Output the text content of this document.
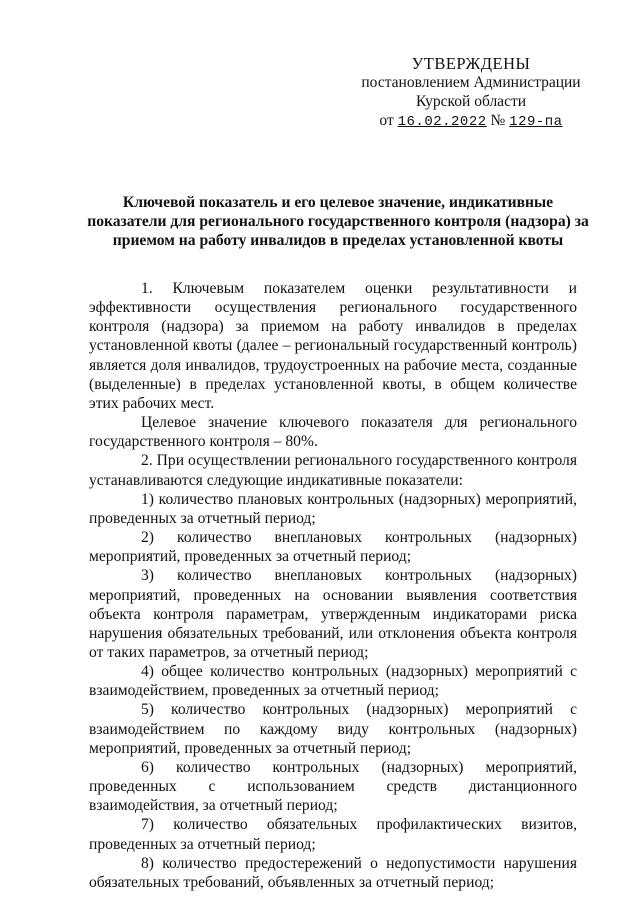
УТВЕРЖДЕНЫ
постановлением Администрации
Курской области
от 16.02.2022 № 129-па
Ключевой показатель и его целевое значение, индикативные показатели для регионального государственного контроля (надзора) за приемом на работу инвалидов в пределах установленной квоты

1. Ключевым показателем оценки результативности и эффективности осуществления регионального государственного контроля (надзора) за приемом на работу инвалидов в пределах установленной квоты (далее – региональный государственный контроль) является доля инвалидов, трудоустроенных на рабочие места, созданные (выделенные) в пределах установленной квоты, в общем количестве этих рабочих мест.

Целевое значение ключевого показателя для регионального государственного контроля – 80%.

2. При осуществлении регионального государственного контроля устанавливаются следующие индикативные показатели:

1) количество плановых контрольных (надзорных) мероприятий, проведенных за отчетный период;

2) количество внеплановых контрольных (надзорных) мероприятий, проведенных за отчетный период;

3) количество внеплановых контрольных (надзорных) мероприятий, проведенных на основании выявления соответствия объекта контроля параметрам, утвержденным индикаторами риска нарушения обязательных требований, или отклонения объекта контроля от таких параметров, за отчетный период;

4) общее количество контрольных (надзорных) мероприятий с взаимодействием, проведенных за отчетный период;

5) количество контрольных (надзорных) мероприятий с взаимодействием по каждому виду контрольных (надзорных) мероприятий, проведенных за отчетный период;

6) количество контрольных (надзорных) мероприятий, проведенных с использованием средств дистанционного взаимодействия, за отчетный период;

7) количество обязательных профилактических визитов, проведенных за отчетный период;

8) количество предостережений о недопустимости нарушения обязательных требований, объявленных за отчетный период;
